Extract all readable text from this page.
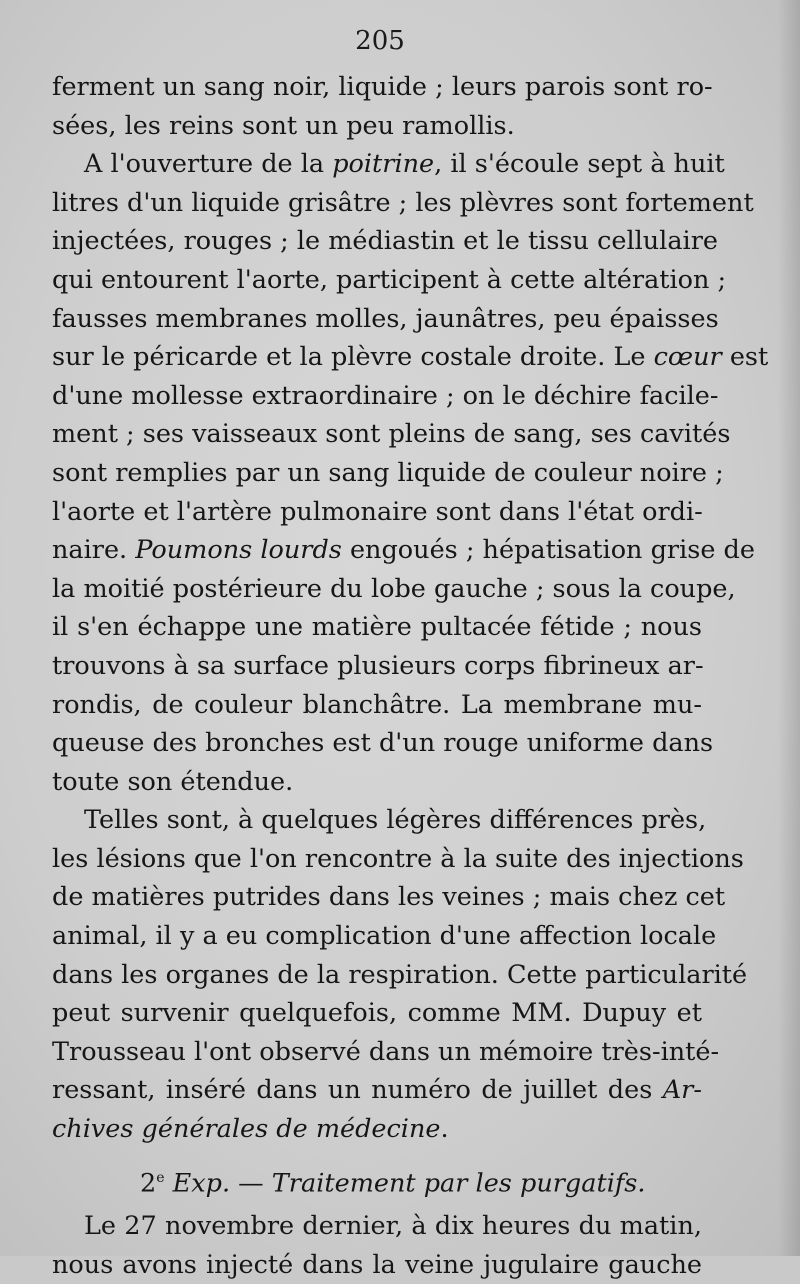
205
ferment un sang noir, liquide ; leurs parois sont ro-
sées, les reins sont un peu ramollis.
A l'ouverture de la poitrine, il s'écoule sept à huit
litres d'un liquide grisâtre ; les plèvres sont fortement
injectées, rouges ; le médiastin et le tissu cellulaire
qui entourent l'aorte, participent à cette altération ;
fausses membranes molles, jaunâtres, peu épaisses
sur le péricarde et la plèvre costale droite. Le cœur est
d'une mollesse extraordinaire ; on le déchire facile-
ment ; ses vaisseaux sont pleins de sang, ses cavités
sont remplies par un sang liquide de couleur noire ;
l'aorte et l'artère pulmonaire sont dans l'état ordi-
naire. Poumons lourds engoués ; hépatisation grise de
la moitié postérieure du lobe gauche ; sous la coupe,
il s'en échappe une matière pultacée fétide ; nous
trouvons à sa surface plusieurs corps fibrineux ar-
rondis, de couleur blanchâtre. La membrane mu-
queuse des bronches est d'un rouge uniforme dans
toute son étendue.
Telles sont, à quelques légères différences près,
les lésions que l'on rencontre à la suite des injections
de matières putrides dans les veines ; mais chez cet
animal, il y a eu complication d'une affection locale
dans les organes de la respiration. Cette particularité
peut survenir quelquefois, comme MM. Dupuy et
Trousseau l'ont observé dans un mémoire très-inté-
ressant, inséré dans un numéro de juillet des Ar-
chives générales de médecine.
2e Exp. — Traitement par les purgatifs.
Le 27 novembre dernier, à dix heures du matin,
nous avons injecté dans la veine jugulaire gauche
